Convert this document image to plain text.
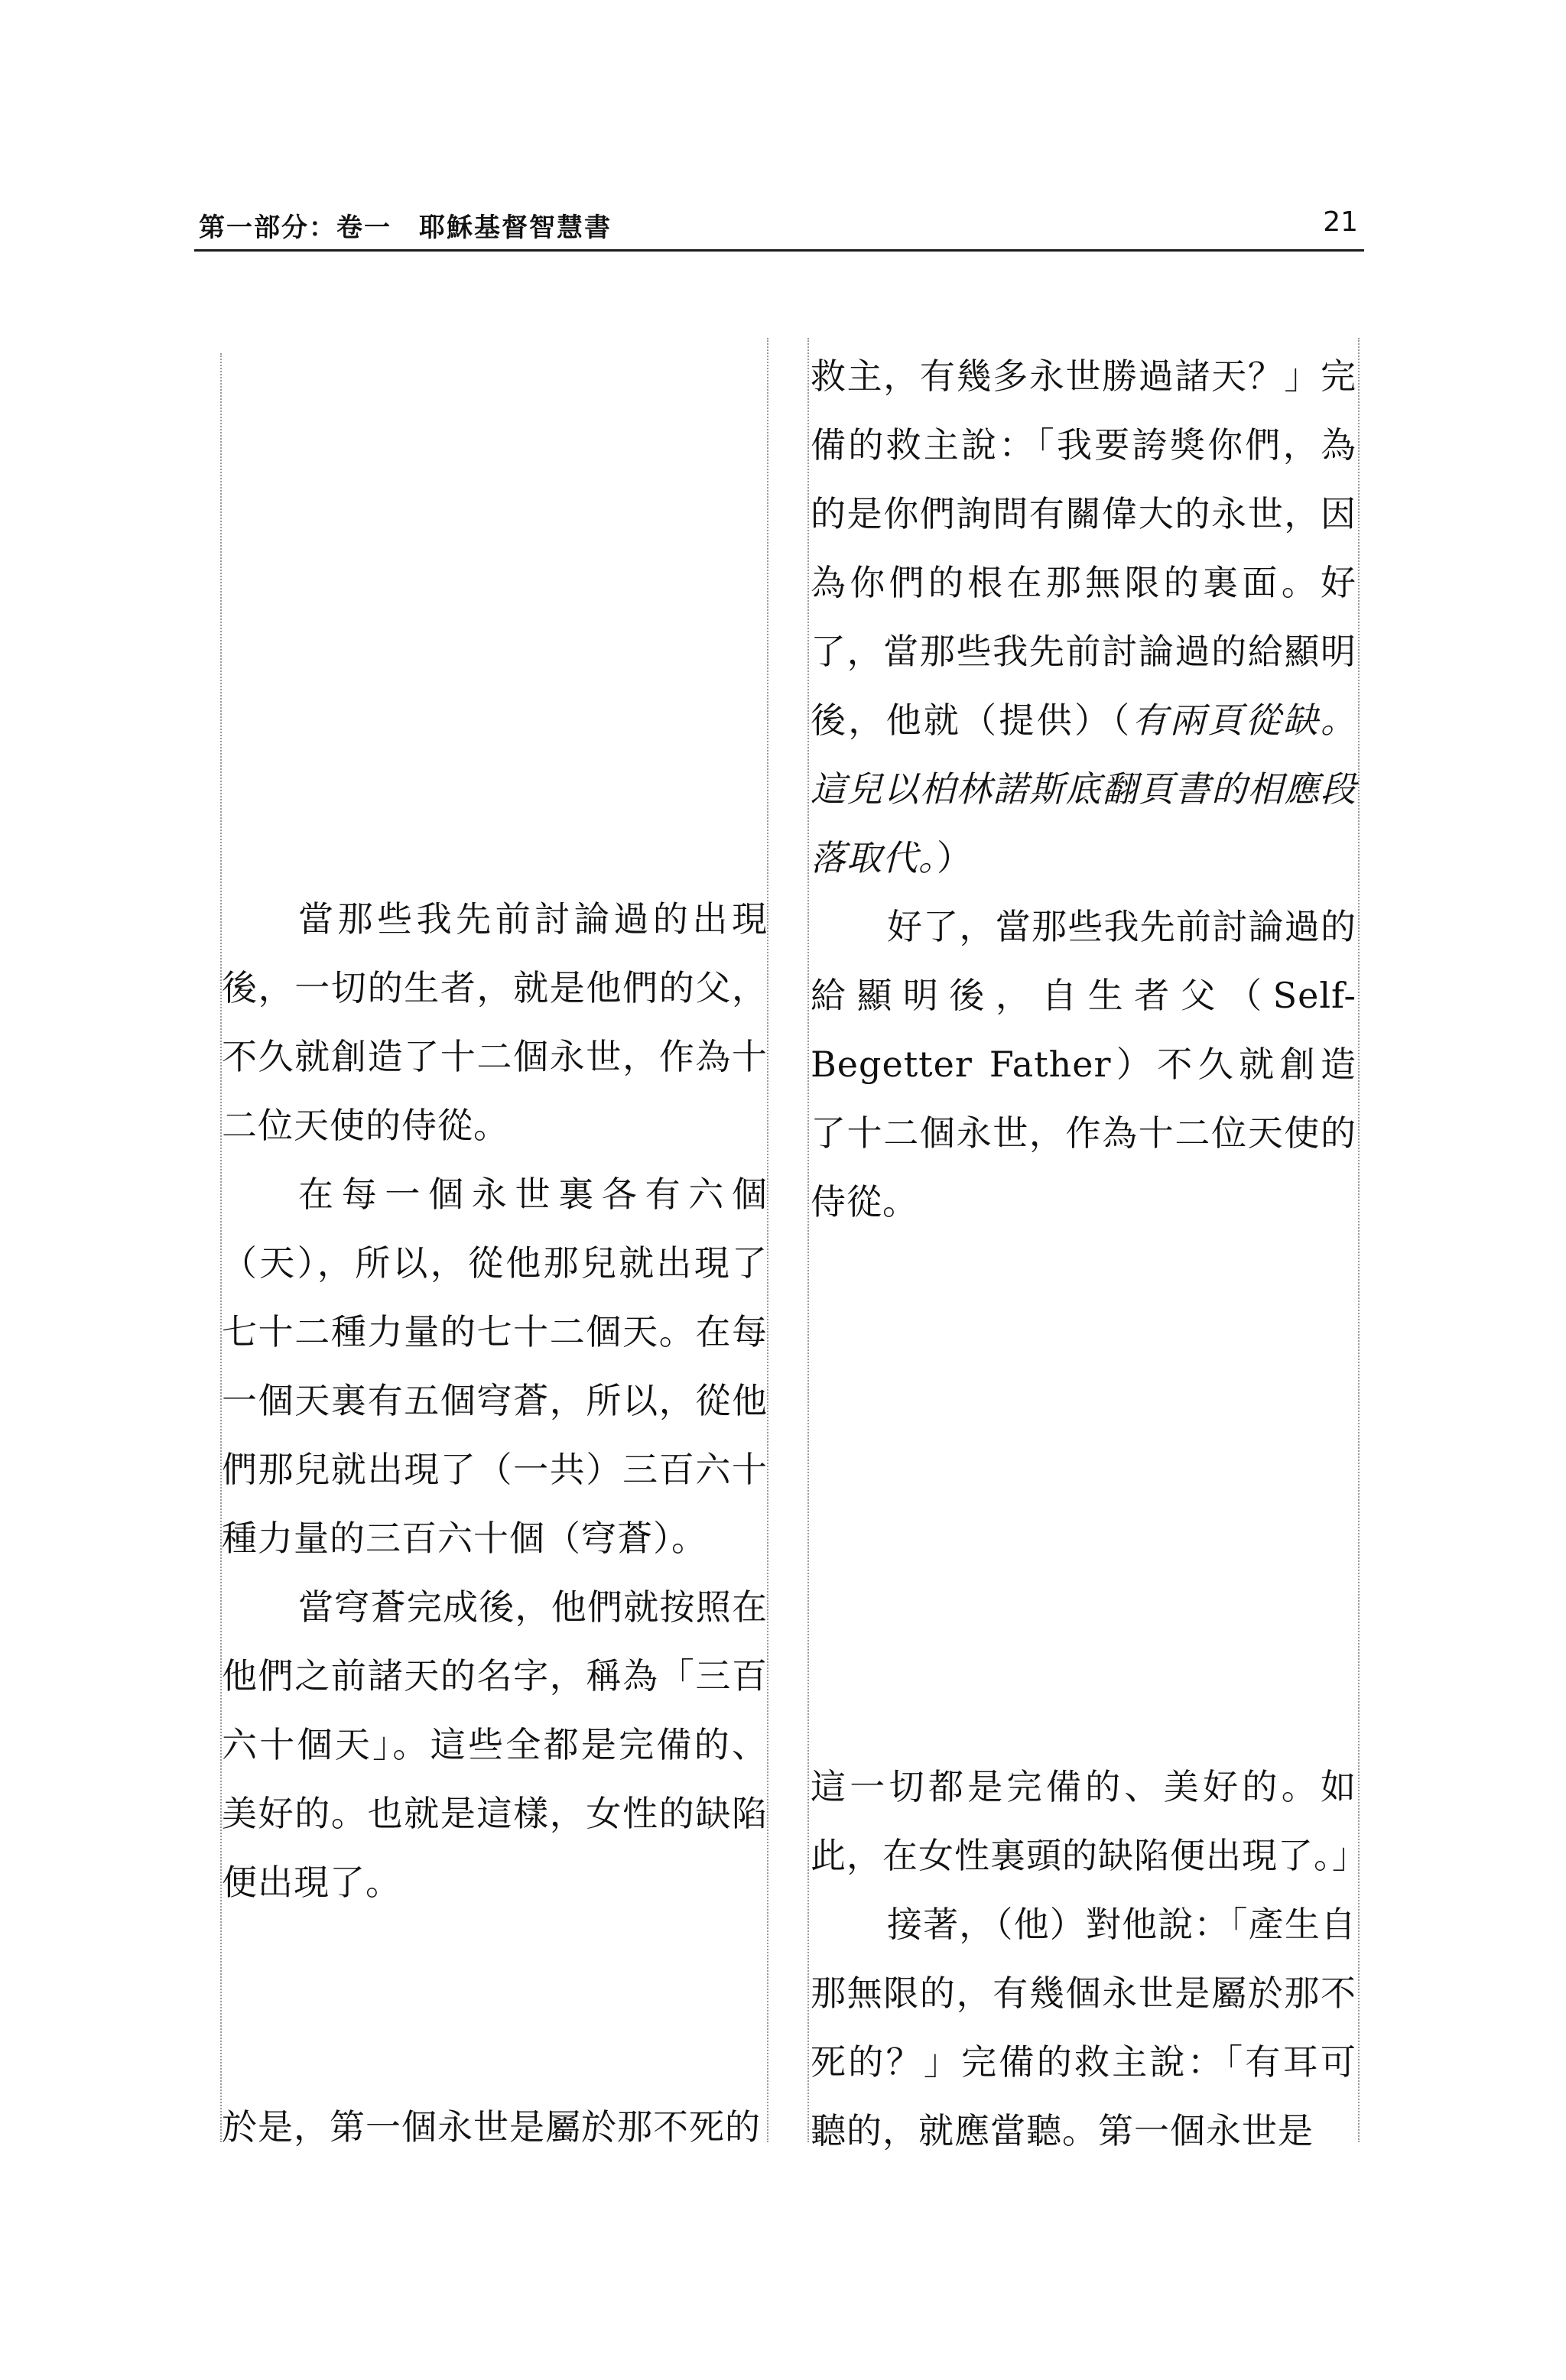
第一部分：卷一　耶穌基督智慧書	21

當那些我先前討論過的出現後，一切的生者，就是他們的父，不久就創造了十二個永世，作為十二位天使的侍從。

在每一個永世裏各有六個（天），所以，從他那兒就出現了七十二種力量的七十二個天。在每一個天裏有五個穹蒼，所以，從他們那兒就出現了（一共）三百六十種力量的三百六十個（穹蒼）。

當穹蒼完成後，他們就按照在他們之前諸天的名字，稱為「三百六十個天」。這些全都是完備的、美好的。也就是這樣，女性的缺陷便出現了。

於是，第一個永世是屬於那不死的

救主，有幾多永世勝過諸天？」完備的救主說：「我要誇獎你們，為的是你們詢問有關偉大的永世，因為你們的根在那無限的裏面。好了，當那些我先前討論過的給顯明後，他就（提供）（有兩頁從缺。這兒以柏林諾斯底翻頁書的相應段落取代。）

好了，當那些我先前討論過的給顯明後，自生者父（Self-Begetter Father）不久就創造了十二個永世，作為十二位天使的侍從。

這一切都是完備的、美好的。如此，在女性裏頭的缺陷便出現了。」

接著，（他）對他說：「產生自那無限的，有幾個永世是屬於那不死的？」完備的救主說：「有耳可聽的，就應當聽。第一個永世是
